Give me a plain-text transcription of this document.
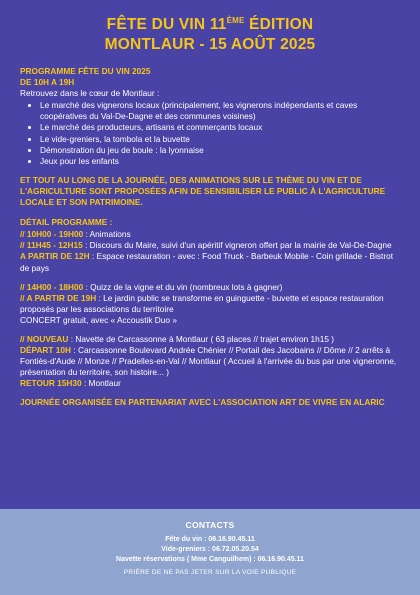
FÊTE DU VIN 11ÈME ÉDITION
MONTLAUR - 15 AOÛT 2025
PROGRAMME FÊTE DU VIN 2025
DE 10H A 19H
Retrouvez dans le cœur de Montlaur :
• Le marché des vignerons locaux (principalement, les vignerons indépendants et caves coopératives du Val-De-Dagne et des communes voisines)
• Le marché des producteurs, artisans et commerçants locaux
• Le vide-greniers, la tombola et la buvette
• Démonstration du jeu de boule : la lyonnaise
• Jeux pour les enfants
ET TOUT AU LONG DE LA JOURNÉE, DES ANIMATIONS SUR LE THÈME DU VIN ET DE L'AGRICULTURE SONT PROPOSÉES AFIN DE SENSIBILISER LE PUBLIC À L'AGRICULTURE LOCALE ET SON PATRIMOINE.
DÉTAIL PROGRAMME :
// 10H00 - 19H00 : Animations
// 11H45 - 12H15 : Discours du Maire, suivi d'un apéritif vigneron offert par la mairie de Val-De-Dagne
A PARTIR DE 12H : Espace restauration - avec : Food Truck - Barbeuk Mobile - Coin grillade - Bistrot de pays
// 14H00 - 18H00 : Quizz de la vigne et du vin (nombreux lots à gagner)
// A PARTIR DE 19H : Le jardin public se transforme en guinguette - buvette et espace restauration proposés par les associations du territoire
CONCERT gratuit, avec « Accoustik Duo »
// NOUVEAU : Navette de Carcassonne à Montlaur ( 63 places // trajet environ 1h15 )
DÉPART 10H : Carcassonne Boulevard Andrée Chénier // Portail des Jacobains // Dôme // 2 arrêts à Fontiès-d'Aude // Monze // Pradelles-en-Val // Montlaur ( Accueil à l'arrivée du bus par une vigneronne, présentation du territoire, son histoire... )
RETOUR 15H30 : Montlaur
JOURNÉE ORGANISÉE EN PARTENARIAT AVEC L'ASSOCIATION ART DE VIVRE EN ALARIC
CONTACTS
Fête du vin : 06.16.90.45.11
Vide-greniers : 06.72.05.20.54
Navette réservations ( Mme Canguilhem) : 06.16.90.45.11
PRIÈRE DE NE PAS JETER SUR LA VOIE PUBLIQUE
